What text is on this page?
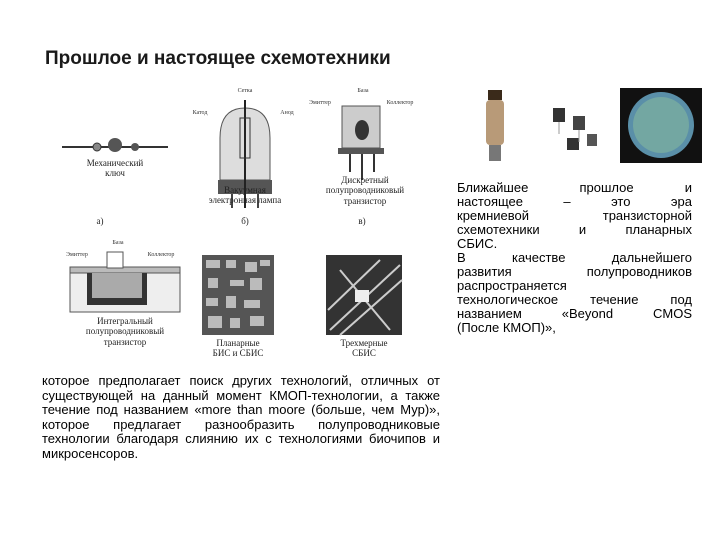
Прошлое и настоящее схемотехники
Механический
ключ
а)
Сетка
Катод	Анод
Вакуумная
электронная лампа
б)
База
Эмиттер	Коллектор
Дискретный
полупроводниковый
транзистор
в)
База
Эмиттер	Коллектор
Интегральный
полупроводниковый
транзистор	Планарные
БИС и СБИС
Трехмерные
СБИС

Ближайшее прошлое и

настоящее – это эра

кремниевой транзисторной

схемотехники и планарных

СБИС.

В качестве дальнейшего

развития полупроводников

распространяется

технологическое течение под

названием «Beyond CMOS

(После КМОП)»,

которое предполагает поиск других технологий, отличных от существующей на данный момент КМОП-технологии, а также течение под названием «more than moore (больше, чем Мур)», которое предлагает разнообразить полупроводниковые технологии благодаря слиянию их с технологиями биочипов и микросенсоров.
